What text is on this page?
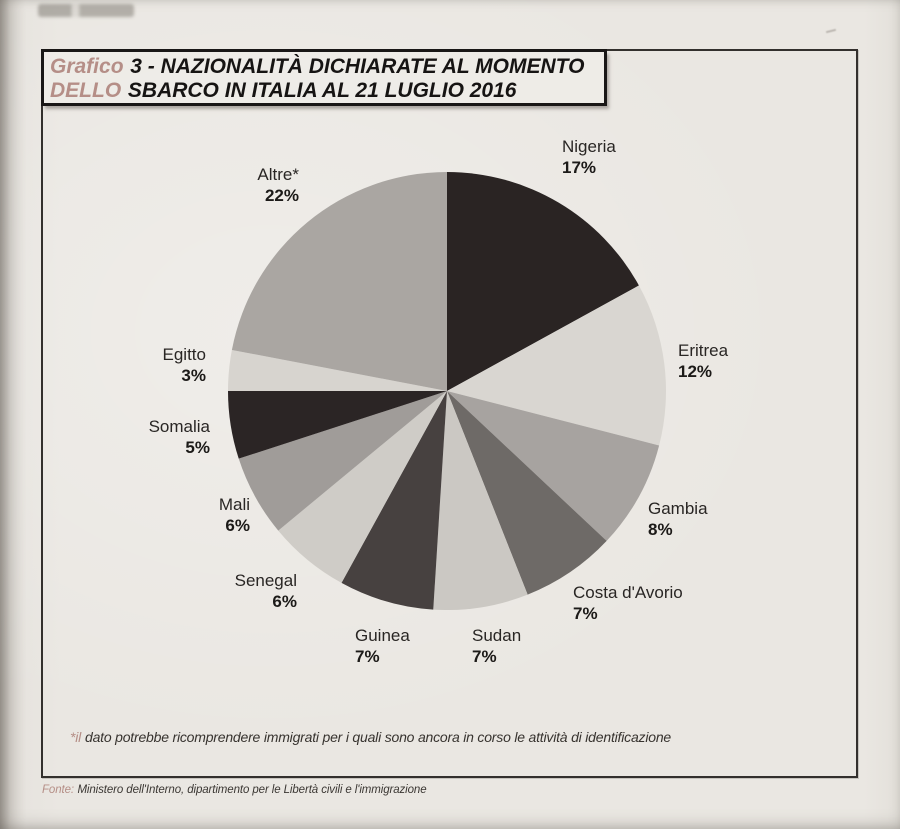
Grafico 3 - NAZIONALITÀ DICHIARATE AL MOMENTO
DELLO SBARCO IN ITALIA AL 21 LUGLIO 2016
Nigeria
17%
Eritrea
12%
Gambia
8%
Costa d'Avorio
7%
Sudan
7%
Guinea
7%
Senegal
6%
Mali
6%
Somalia
5%
Egitto
3%
Altre*
22%
*il dato potrebbe ricomprendere immigrati per i quali sono ancora in corso le attività di identificazione
Fonte: Ministero dell'Interno, dipartimento per le Libertà civili e l'immigrazione
